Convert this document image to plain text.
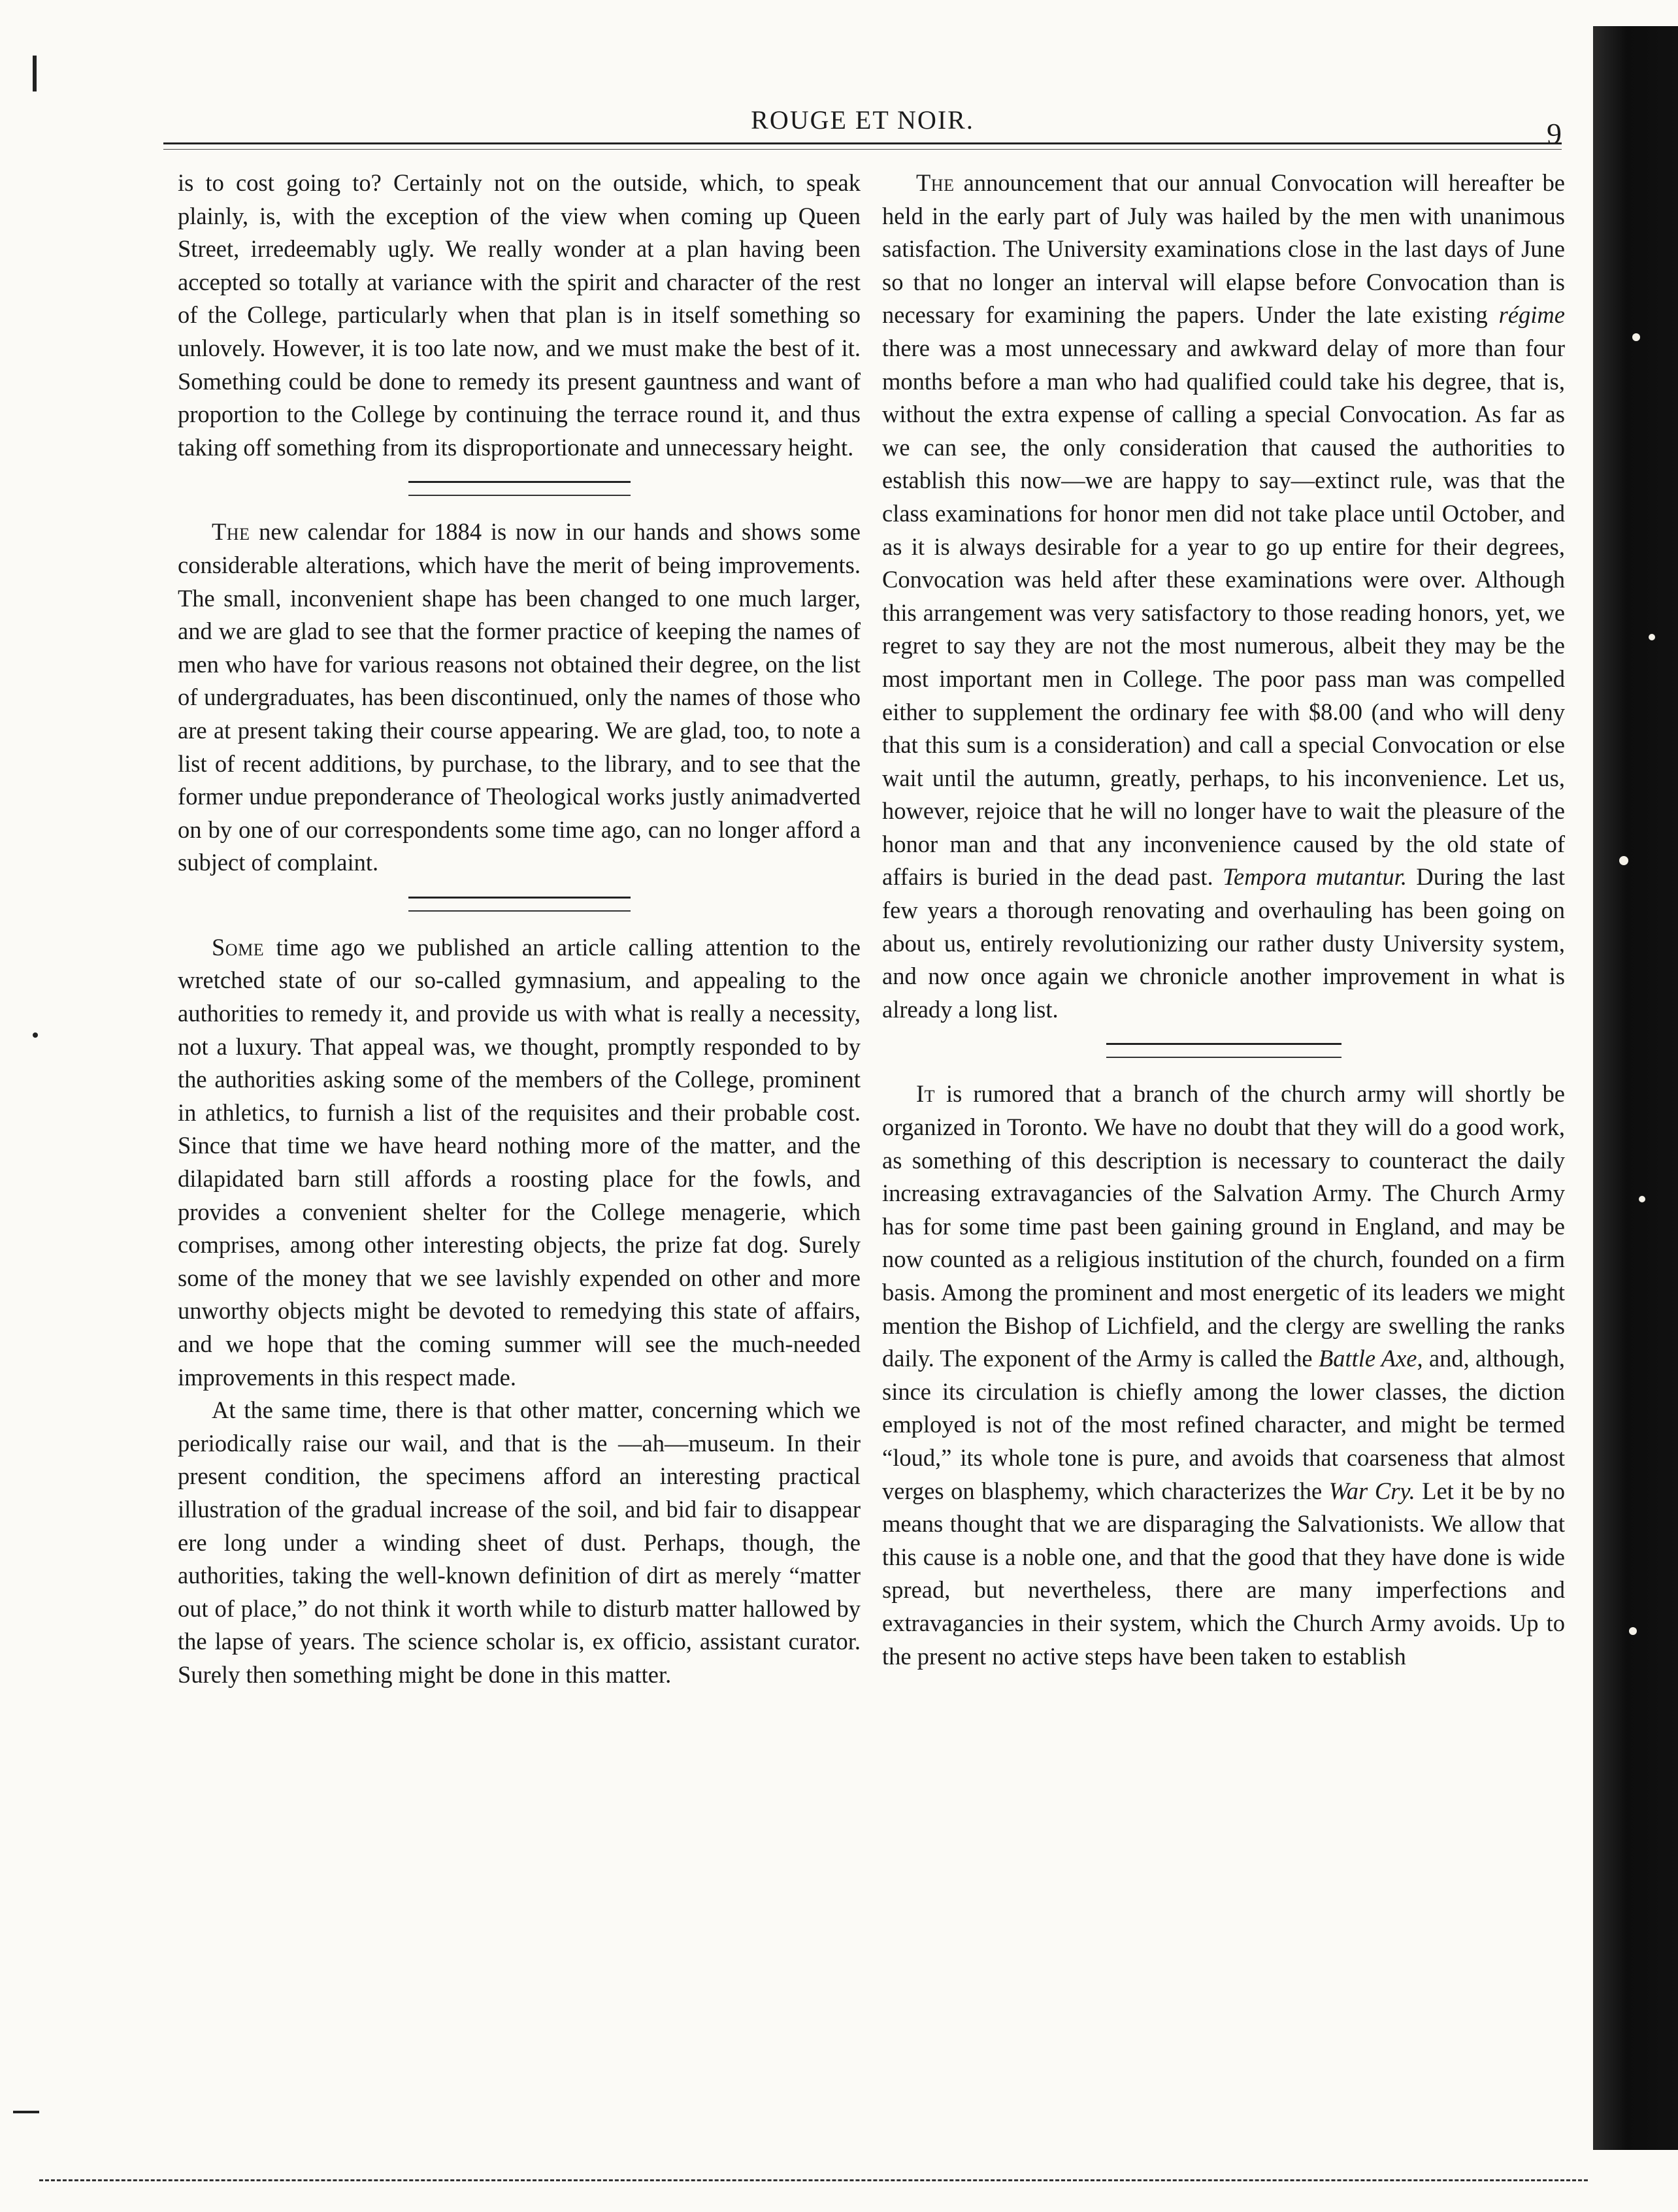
ROUGE ET NOIR.	9

is to cost going to? Certainly not on the outside, which, to speak plainly, is, with the exception of the view when coming up Queen Street, irredeemably ugly. We really wonder at a plan having been accepted so totally at variance with the spirit and character of the rest of the College, particularly when that plan is in itself something so unlovely. However, it is too late now, and we must make the best of it. Something could be done to remedy its present gauntness and want of proportion to the College by continuing the terrace round it, and thus taking off something from its disproportionate and unnecessary height.

The new calendar for 1884 is now in our hands and shows some considerable alterations, which have the merit of being improvements. The small, inconvenient shape has been changed to one much larger, and we are glad to see that the former practice of keeping the names of men who have for various reasons not obtained their degree, on the list of undergraduates, has been discontinued, only the names of those who are at present taking their course appearing. We are glad, too, to note a list of recent additions, by purchase, to the library, and to see that the former undue preponderance of Theological works justly animadverted on by one of our correspondents some time ago, can no longer afford a subject of complaint.

Some time ago we published an article calling attention to the wretched state of our so-called gymnasium, and appealing to the authorities to remedy it, and provide us with what is really a necessity, not a luxury. That appeal was, we thought, promptly responded to by the authorities asking some of the members of the College, prominent in athletics, to furnish a list of the requisites and their probable cost. Since that time we have heard nothing more of the matter, and the dilapidated barn still affords a roosting place for the fowls, and provides a convenient shelter for the College menagerie, which comprises, among other interesting objects, the prize fat dog. Surely some of the money that we see lavishly expended on other and more unworthy objects might be devoted to remedying this state of affairs, and we hope that the coming summer will see the much-needed improvements in this respect made.

At the same time, there is that other matter, concerning which we periodically raise our wail, and that is the —ah—museum. In their present condition, the specimens afford an interesting practical illustration of the gradual increase of the soil, and bid fair to disappear ere long under a winding sheet of dust. Perhaps, though, the authorities, taking the well-known definition of dirt as merely “matter out of place,” do not think it worth while to disturb matter hallowed by the lapse of years. The science scholar is, ex officio, assistant curator. Surely then something might be done in this matter.

The announcement that our annual Convocation will hereafter be held in the early part of July was hailed by the men with unanimous satisfaction. The University examinations close in the last days of June so that no longer an interval will elapse before Convocation than is necessary for examining the papers. Under the late existing régime there was a most unnecessary and awkward delay of more than four months before a man who had qualified could take his degree, that is, without the extra expense of calling a special Convocation. As far as we can see, the only consideration that caused the authorities to establish this now—we are happy to say—extinct rule, was that the class examinations for honor men did not take place until October, and as it is always desirable for a year to go up entire for their degrees, Convocation was held after these examinations were over. Although this arrangement was very satisfactory to those reading honors, yet, we regret to say they are not the most numerous, albeit they may be the most important men in College. The poor pass man was compelled either to supplement the ordinary fee with $8.00 (and who will deny that this sum is a consideration) and call a special Convocation or else wait until the autumn, greatly, perhaps, to his inconvenience. Let us, however, rejoice that he will no longer have to wait the pleasure of the honor man and that any inconvenience caused by the old state of affairs is buried in the dead past. Tempora mutantur. During the last few years a thorough renovating and overhauling has been going on about us, entirely revolutionizing our rather dusty University system, and now once again we chronicle another improvement in what is already a long list.

It is rumored that a branch of the church army will shortly be organized in Toronto. We have no doubt that they will do a good work, as something of this description is necessary to counteract the daily increasing extravagancies of the Salvation Army. The Church Army has for some time past been gaining ground in England, and may be now counted as a religious institution of the church, founded on a firm basis. Among the prominent and most energetic of its leaders we might mention the Bishop of Lichfield, and the clergy are swelling the ranks daily. The exponent of the Army is called the Battle Axe, and, although, since its circulation is chiefly among the lower classes, the diction employed is not of the most refined character, and might be termed “loud,” its whole tone is pure, and avoids that coarseness that almost verges on blasphemy, which characterizes the War Cry. Let it be by no means thought that we are disparaging the Salvationists. We allow that this cause is a noble one, and that the good that they have done is wide spread, but nevertheless, there are many imperfections and extravagancies in their system, which the Church Army avoids. Up to the present no active steps have been taken to establish
